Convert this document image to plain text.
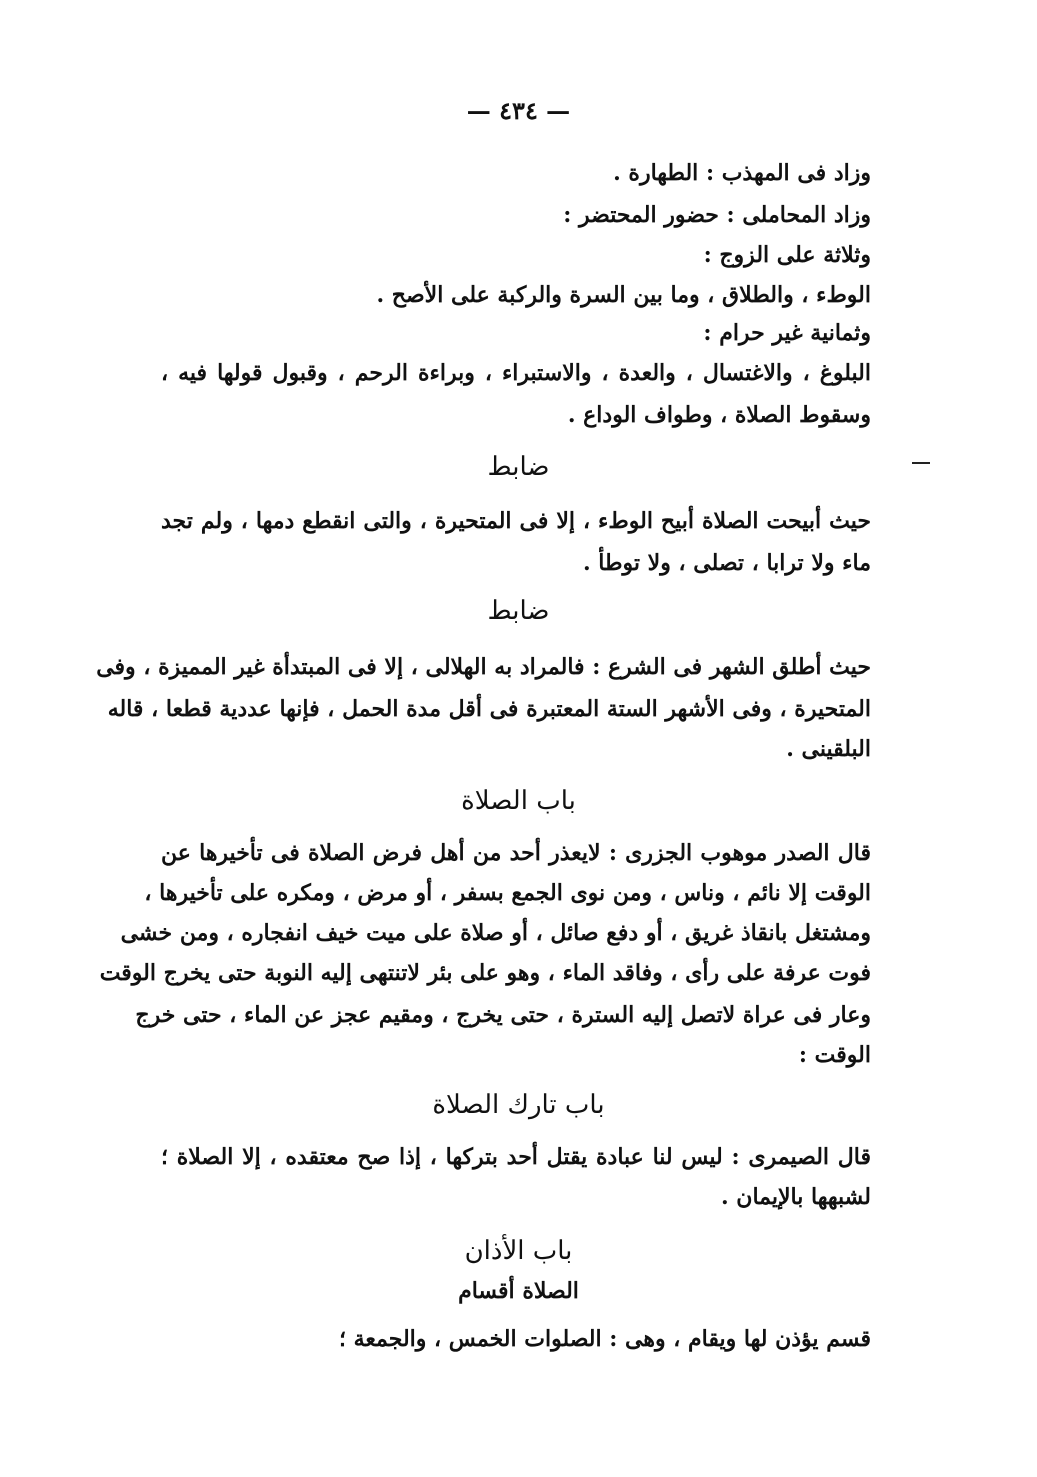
— ٤٣٤ —
وزاد فى المهذب : الطهارة .
وزاد المحاملى : حضور المحتضر :
وثلاثة على الزوج :
الوطء ، والطلاق ، وما بين السرة والركبة على الأصح .
وثمانية غير حرام :
البلوغ ، والاغتسال ، والعدة ، والاستبراء ، وبراءة الرحم ، وقبول قولها فيه ،
وسقوط الصلاة ، وطواف الوداع .
ضابط
حيث أبيحت الصلاة أبيح الوطء ، إلا فى المتحيرة ، والتى انقطع دمها ، ولم تجد
ماء ولا ترابا ، تصلى ، ولا توطأ .
ضابط
حيث أطلق الشهر فى الشرع : فالمراد به الهلالى ، إلا فى المبتدأة غير المميزة ، وفى
المتحيرة ، وفى الأشهر الستة المعتبرة فى أقل مدة الحمل ، فإنها عددية قطعا ، قاله
البلقينى .
باب الصلاة
قال الصدر موهوب الجزرى : لايعذر أحد من أهل فرض الصلاة فى تأخيرها عن
الوقت إلا نائم ، وناس ، ومن نوى الجمع بسفر ، أو مرض ، ومكره على تأخيرها ،
ومشتغل بانقاذ غريق ، أو دفع صائل ، أو صلاة على ميت خيف انفجاره ، ومن خشى
فوت عرفة على رأى ، وفاقد الماء ، وهو على بئر لاتنتهى إليه النوبة حتى يخرج الوقت
وعار فى عراة لاتصل إليه السترة ، حتى يخرج ، ومقيم عجز عن الماء ، حتى خرج
الوقت :
باب تارك الصلاة
قال الصيمرى : ليس لنا عبادة يقتل أحد بتركها ، إذا صح معتقده ، إلا الصلاة ؛
لشبهها بالإيمان .
باب الأذان
الصلاة أقسام
قسم يؤذن لها ويقام ، وهى : الصلوات الخمس ، والجمعة ؛
